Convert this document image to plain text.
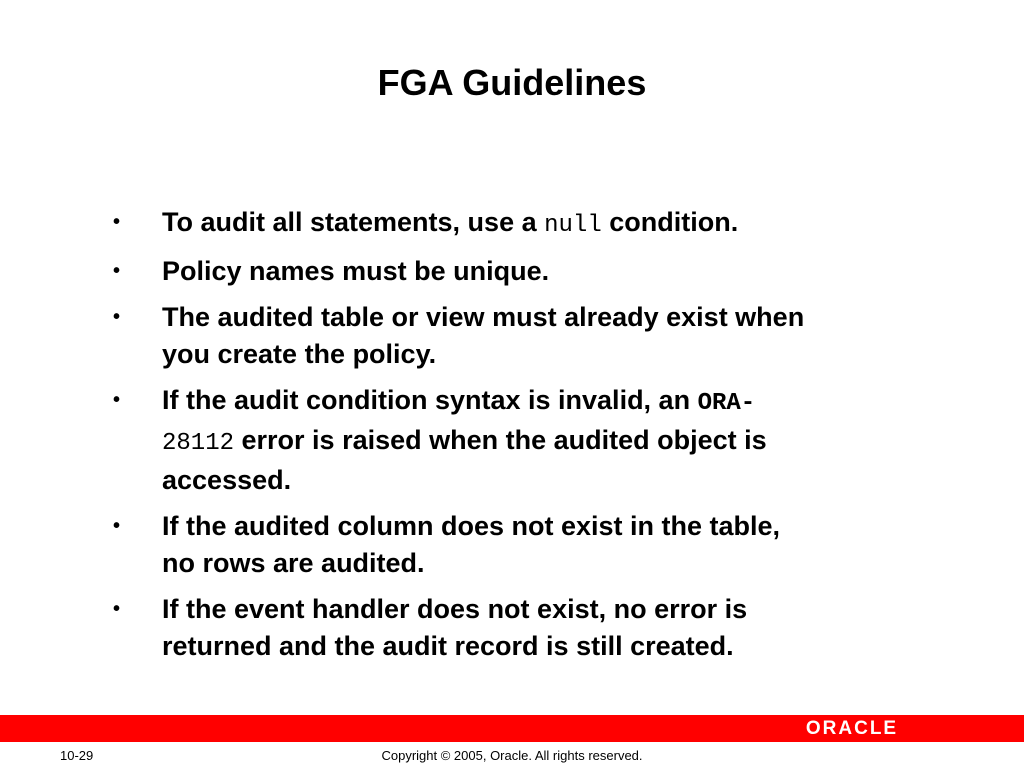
FGA Guidelines
• To audit all statements, use a null condition.
• Policy names must be unique.
• The audited table or view must already exist when
you create the policy.
• If the audit condition syntax is invalid, an ORA-
28112 error is raised when the audited object is
accessed.
• If the audited column does not exist in the table,
no rows are audited.
• If the event handler does not exist, no error is
returned and the audit record is still created.
ORACLE
10-29	Copyright © 2005, Oracle. All rights reserved.
